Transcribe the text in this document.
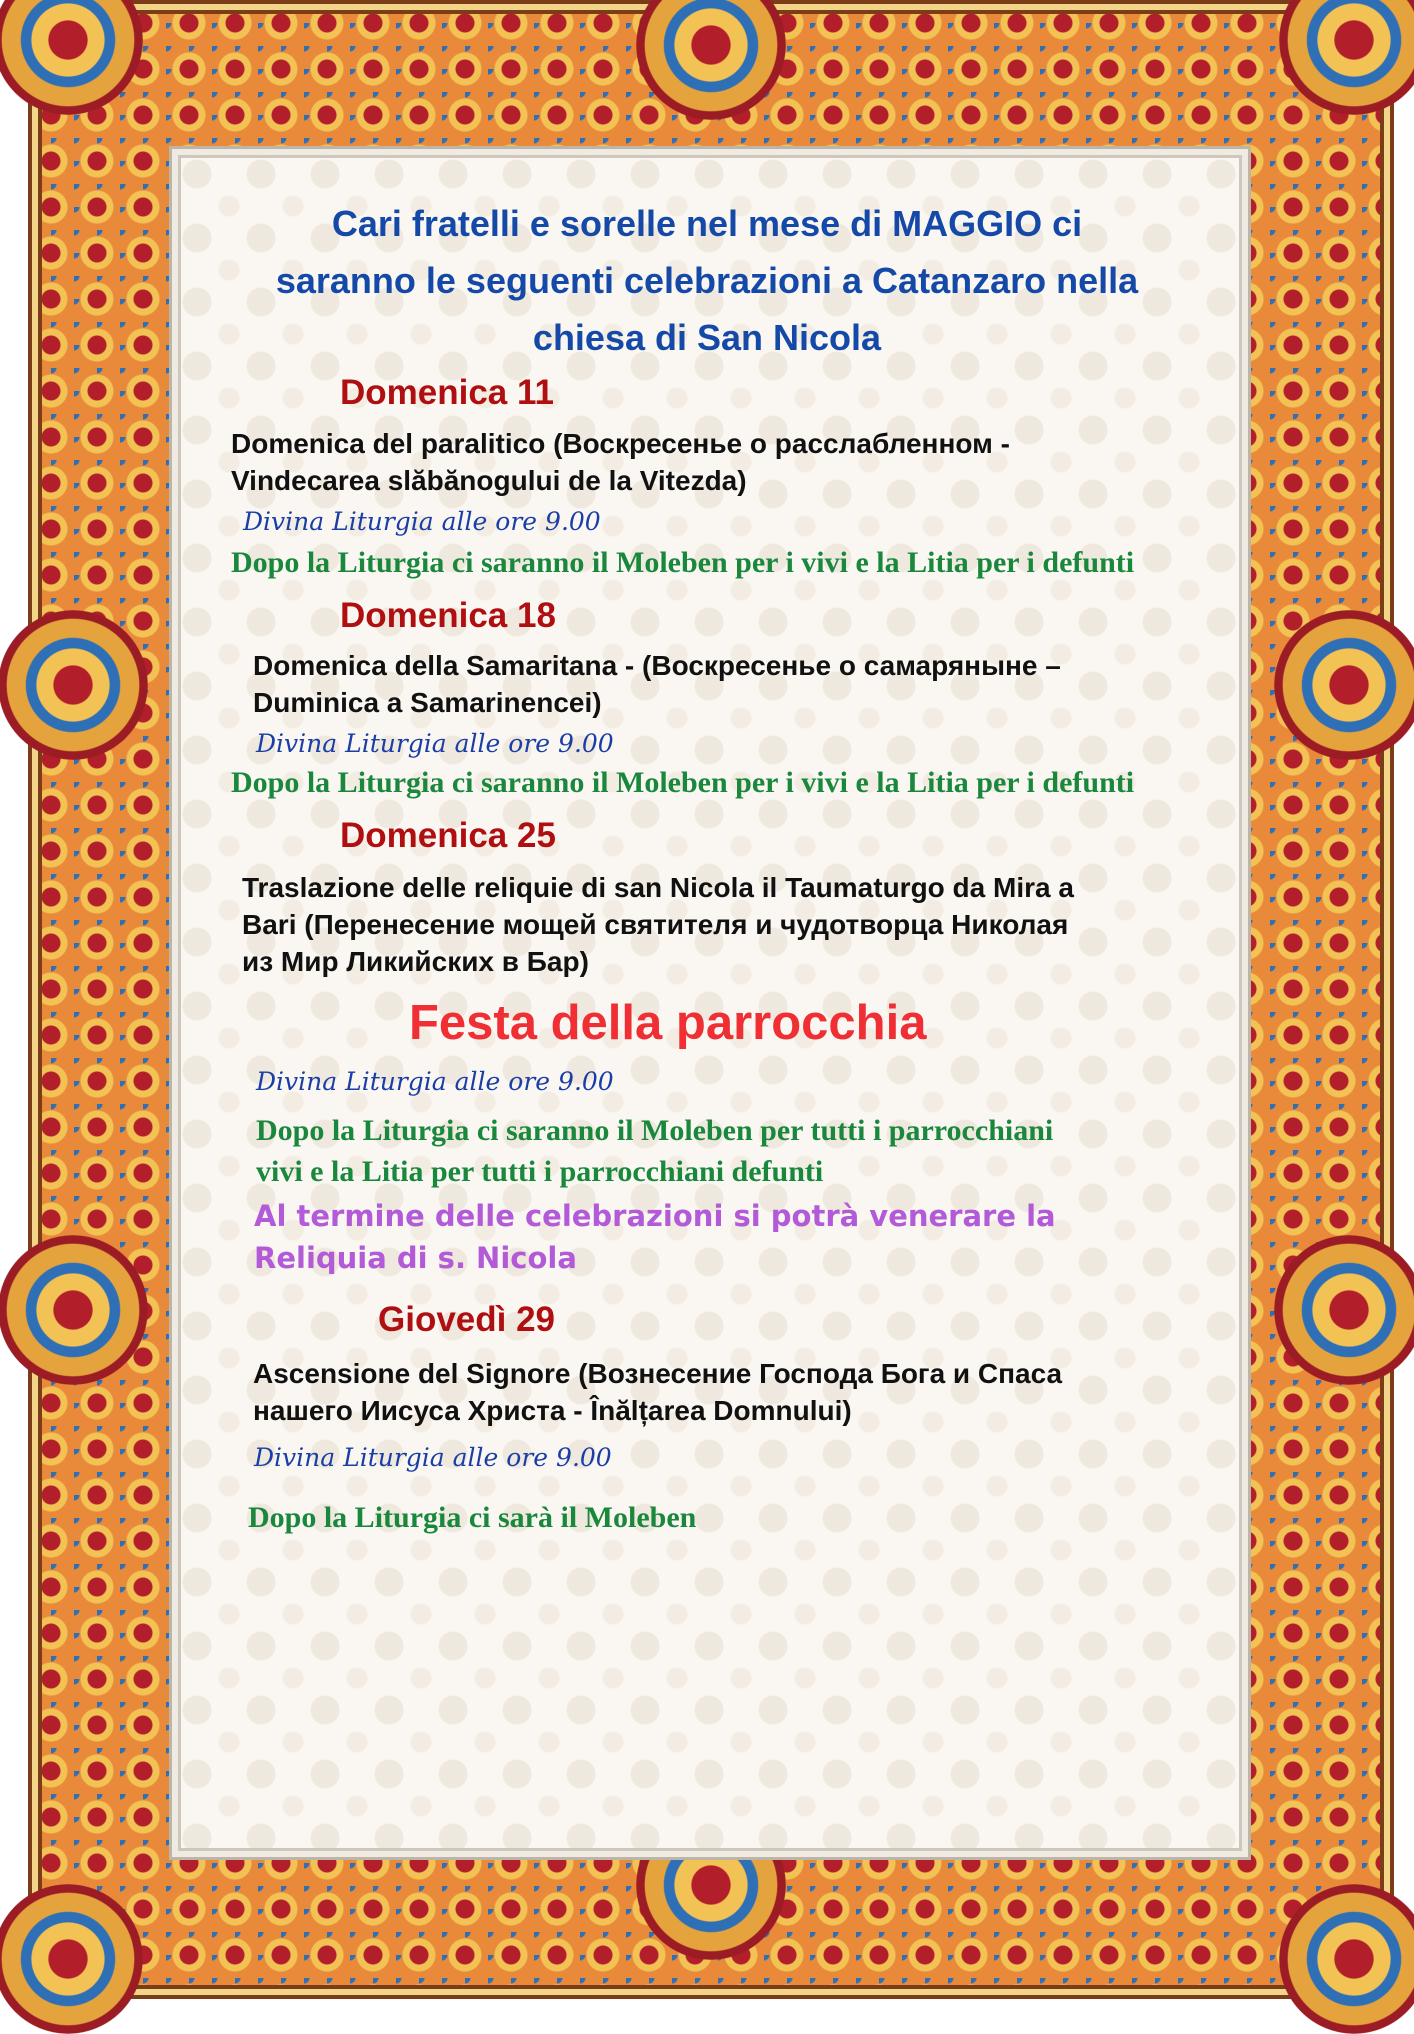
Cari fratelli e sorelle nel mese di MAGGIO ci

saranno le seguenti celebrazioni a Catanzaro nella

chiesa di San Nicola

Domenica 11

Domenica del paralitico (Воскресенье о расслабленном -

Vindecarea slăbănogului de la Vitezda)

Divina Liturgia alle ore 9.00

Dopo la Liturgia ci saranno il Moleben per i vivi e la Litia per i defunti

Domenica 18

Domenica della Samaritana - (Воскресенье о самаряныне –

Duminica a Samarinencei)

Divina Liturgia alle ore 9.00

Dopo la Liturgia ci saranno il Moleben per i vivi e la Litia per i defunti

Domenica 25

Traslazione delle reliquie di san Nicola il Taumaturgo da Mira a

Bari (Перенесение мощей святителя и чудотворца Николая

из Мир Ликийских в Бар)

Festa della parrocchia

Divina Liturgia alle ore 9.00

Dopo la Liturgia ci saranno il Moleben per tutti i parrocchiani

vivi e la Litia per tutti i parrocchiani defunti

Al termine delle celebrazioni si potrà venerare la

Reliquia di s. Nicola

Giovedì 29

Ascensione del Signore (Вознесение Господа Бога и Спаса

нашего Иисуса Христа - Înălțarea Domnului)

Divina Liturgia alle ore 9.00

Dopo la Liturgia ci sarà il Moleben
